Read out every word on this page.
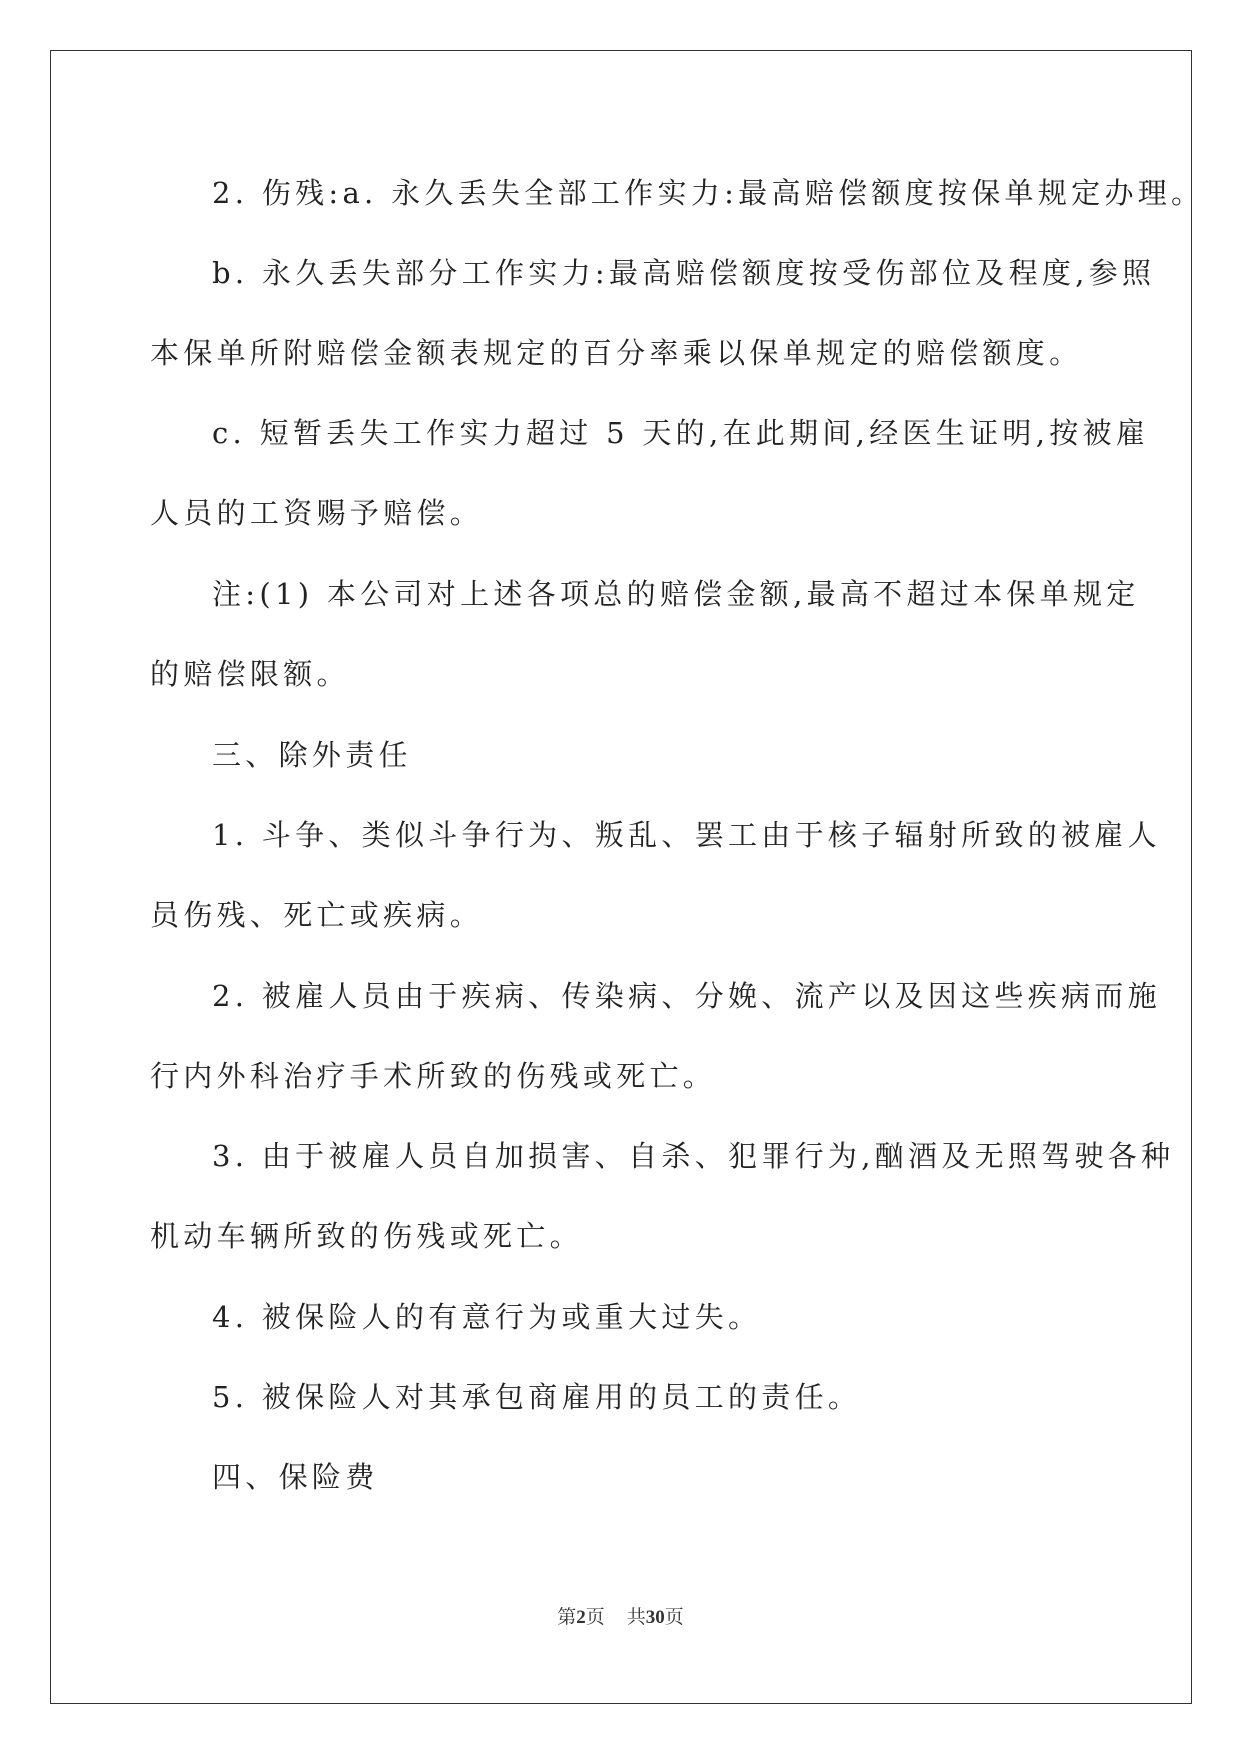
2. 伤残:a. 永久丢失全部工作实力:最高赔偿额度按保单规定办理。
b. 永久丢失部分工作实力:最高赔偿额度按受伤部位及程度,参照
本保单所附赔偿金额表规定的百分率乘以保单规定的赔偿额度。
c. 短暂丢失工作实力超过 5 天的,在此期间,经医生证明,按被雇
人员的工资赐予赔偿。
注:(1) 本公司对上述各项总的赔偿金额,最高不超过本保单规定
的赔偿限额。
三、除外责任
1. 斗争、类似斗争行为、叛乱、罢工由于核子辐射所致的被雇人
员伤残、死亡或疾病。
2. 被雇人员由于疾病、传染病、分娩、流产以及因这些疾病而施
行内外科治疗手术所致的伤残或死亡。
3. 由于被雇人员自加损害、自杀、犯罪行为,酗酒及无照驾驶各种
机动车辆所致的伤残或死亡。
4. 被保险人的有意行为或重大过失。
5. 被保险人对其承包商雇用的员工的责任。
四、保险费
第2页 共30页
